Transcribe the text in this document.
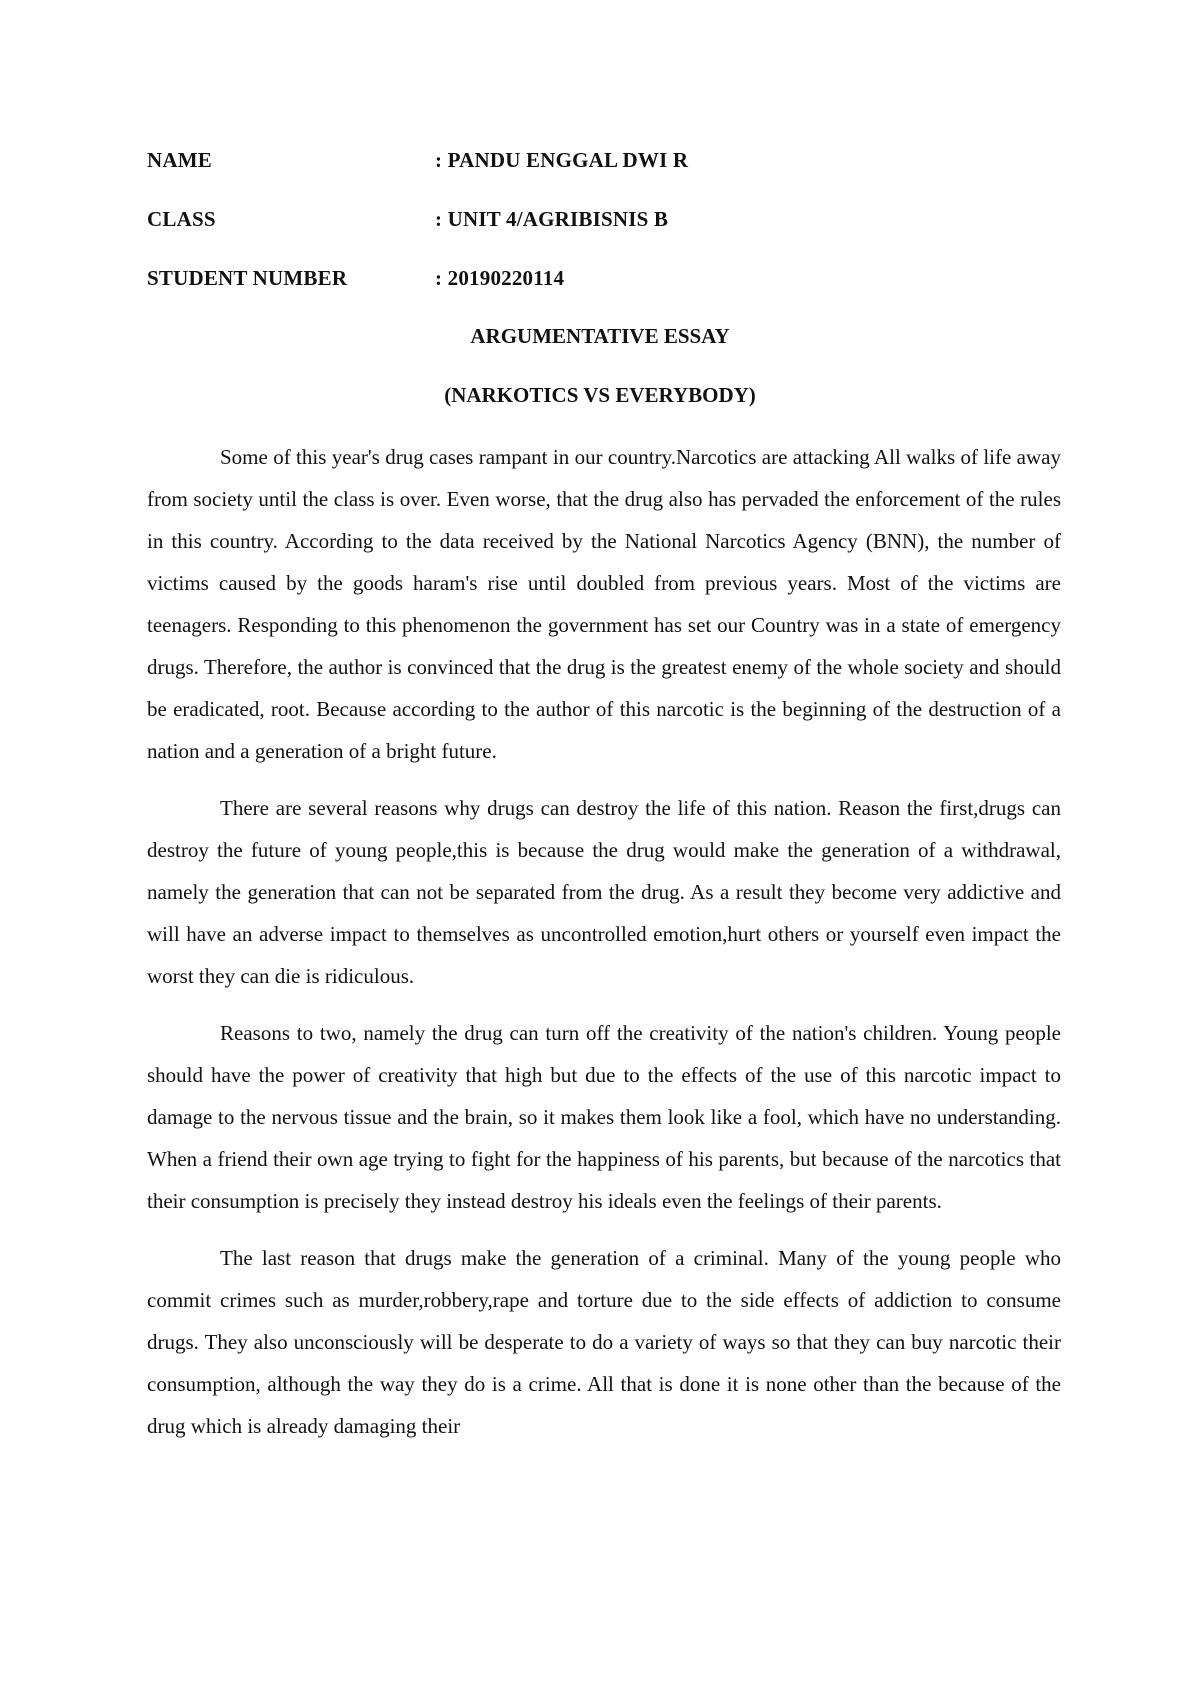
NAME	: PANDU ENGGAL DWI R
CLASS	: UNIT 4/AGRIBISNIS B
STUDENT NUMBER	: 20190220114
ARGUMENTATIVE ESSAY
(NARKOTICS VS EVERYBODY)

Some of this year's drug cases rampant in our country.Narcotics are attacking All walks of life away from society until the class is over. Even worse, that the drug also has pervaded the enforcement of the rules in this country. According to the data received by the National Narcotics Agency (BNN), the number of victims caused by the goods haram's rise until doubled from previous years. Most of the victims are teenagers. Responding to this phenomenon the government has set our Country was in a state of emergency drugs. Therefore, the author is convinced that the drug is the greatest enemy of the whole society and should be eradicated, root. Because according to the author of this narcotic is the beginning of the destruction of a nation and a generation of a bright future.

There are several reasons why drugs can destroy the life of this nation. Reason the first,drugs can destroy the future of young people,this is because the drug would make the generation of a withdrawal, namely the generation that can not be separated from the drug. As a result they become very addictive and will have an adverse impact to themselves as uncontrolled emotion,hurt others or yourself even impact the worst they can die is ridiculous.

Reasons to two, namely the drug can turn off the creativity of the nation's children. Young people should have the power of creativity that high but due to the effects of the use of this narcotic impact to damage to the nervous tissue and the brain, so it makes them look like a fool, which have no understanding. When a friend their own age trying to fight for the happiness of his parents, but because of the narcotics that their consumption is precisely they instead destroy his ideals even the feelings of their parents.

The last reason that drugs make the generation of a criminal. Many of the young people who commit crimes such as murder,robbery,rape and torture due to the side effects of addiction to consume drugs. They also unconsciously will be desperate to do a variety of ways so that they can buy narcotic their consumption, although the way they do is a crime. All that is done it is none other than the because of the drug which is already damaging their
